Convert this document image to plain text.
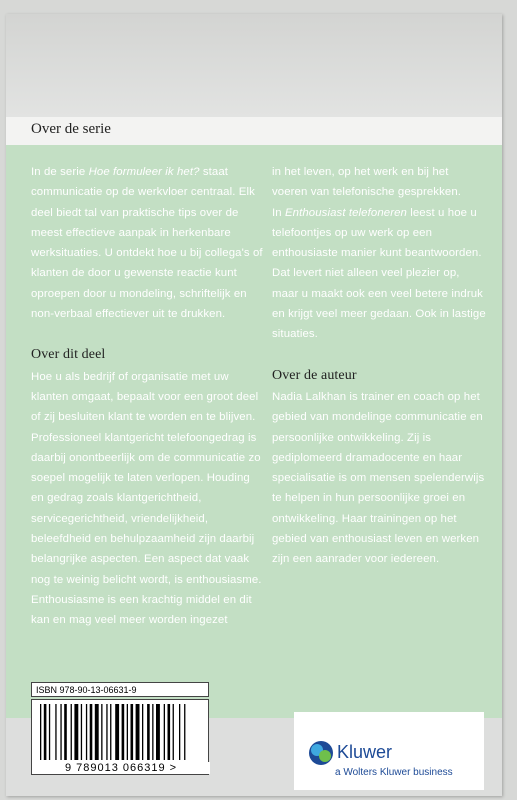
Over de serie

In de serie Hoe formuleer ik het? staat communicatie op de werkvloer centraal. Elk deel biedt tal van praktische tips over de meest effectieve aanpak in herkenbare werksituaties. U ontdekt hoe u bij collega's of klanten de door u gewenste reactie kunt oproepen door u mondeling, schriftelijk en non-verbaal effectiever uit te drukken.

Over dit deel

Hoe u als bedrijf of organisatie met uw klanten omgaat, bepaalt voor een groot deel of zij besluiten klant te worden en te blijven. Professioneel klantgericht telefoongedrag is daarbij onontbeerlijk om de communicatie zo soepel mogelijk te laten verlopen. Houding en gedrag zoals klantgerichtheid, servicegerichtheid, vriendelijkheid, beleefdheid en behulpzaamheid zijn daarbij belangrijke aspecten. Een aspect dat vaak nog te weinig belicht wordt, is enthousiasme. Enthousiasme is een krachtig middel en dit kan en mag veel meer worden ingezet

in het leven, op het werk en bij het voeren van telefonische gesprekken.

In Enthousiast telefoneren leest u hoe u telefoontjes op uw werk op een enthousiaste manier kunt beantwoorden. Dat levert niet alleen veel plezier op, maar u maakt ook een veel betere indruk en krijgt veel meer gedaan. Ook in lastige situaties.

Over de auteur

Nadia Lalkhan is trainer en coach op het gebied van mondelinge communicatie en persoonlijke ontwikkeling. Zij is gediplomeerd dramadocente en haar specialisatie is om mensen spelenderwijs te helpen in hun persoonlijke groei en ontwikkeling. Haar trainingen op het gebied van enthousiast leven en werken zijn een aanrader voor iedereen.

ISBN 978-90-13-06631-9
9 789013 066319 >
Kluwer
a Wolters Kluwer business
